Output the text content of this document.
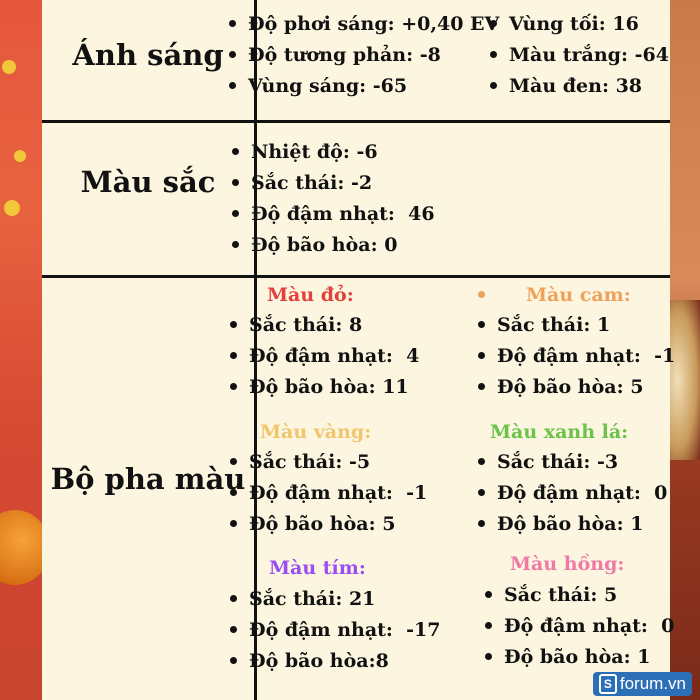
Ánh sáng
Độ phơi sáng: +0,40 EV
Độ tương phản: -8
Vùng sáng: -65
Vùng tối: 16
Màu trắng: -64
Màu đen: 38
Màu sắc
Nhiệt độ: -6
Sắc thái: -2
Độ đậm nhạt:  46
Độ bão hòa: 0
Bộ pha màu
Màu đỏ:
Sắc thái: 8
Độ đậm nhạt:  4
Độ bão hòa: 11
Màu cam:
Sắc thái: 1
Độ đậm nhạt:  -1
Độ bão hòa: 5
Màu vàng:
Sắc thái: -5
Độ đậm nhạt:  -1
Độ bão hòa: 5
Màu xanh lá:
Sắc thái: -3
Độ đậm nhạt:  0
Độ bão hòa: 1
Màu tím:
Sắc thái: 21
Độ đậm nhạt:  -17
Độ bão hòa:8
Màu hồng:
Sắc thái: 5
Độ đậm nhạt:  0
Độ bão hòa: 1
S forum.vn
